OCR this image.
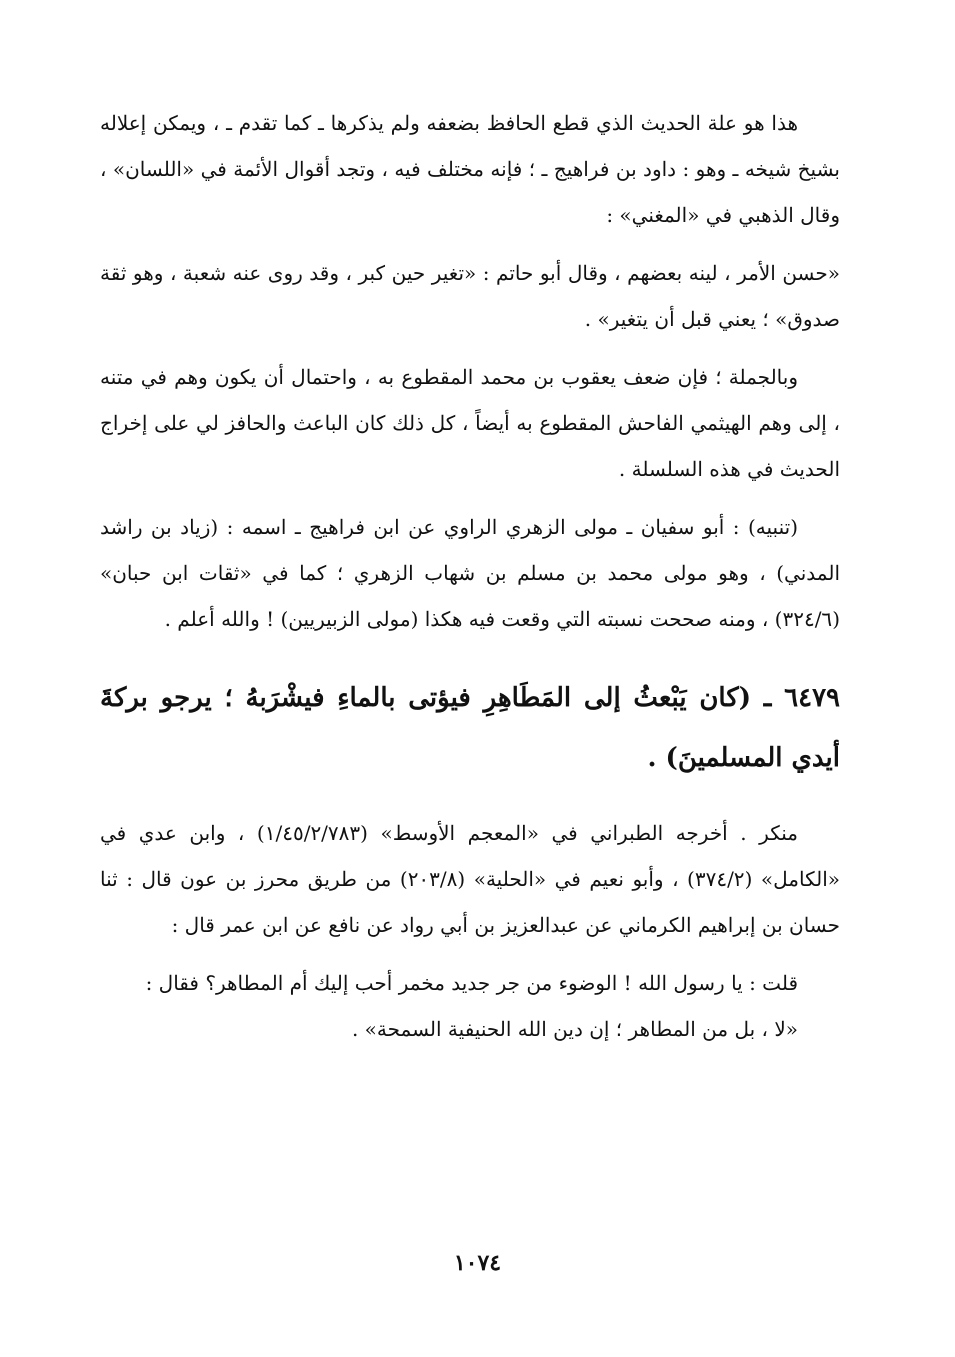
هذا هو علة الحديث الذي قطع الحافظ بضعفه ولم يذكرها ـ كما تقدم ـ ، ويمكن إعلاله بشيخ شيخه ـ وهو : داود بن فراهيج ـ ؛ فإنه مختلف فيه ، وتجد أقوال الأئمة في «اللسان» ، وقال الذهبي في «المغني» :

«حسن الأمر ، لينه بعضهم ، وقال أبو حاتم : «تغير حين كبر ، وقد روى عنه شعبة ، وهو ثقة صدوق» ؛ يعني قبل أن يتغير» .

وبالجملة ؛ فإن ضعف يعقوب بن محمد المقطوع به ، واحتمال أن يكون وهم في متنه ، إلى وهم الهيثمي الفاحش المقطوع به أيضاً ، كل ذلك كان الباعث والحافز لي على إخراج الحديث في هذه السلسلة .

(تنبيه) : أبو سفيان ـ مولى الزهري الراوي عن ابن فراهيج ـ اسمه : (زياد بن راشد المدني) ، وهو مولى محمد بن مسلم بن شهاب الزهري ؛ كما في «ثقات ابن حبان» (٣٢٤/٦) ، ومنه صححت نسبته التي وقعت فيه هكذا (مولى الزبيريين) ! والله أعلم .

٦٤٧٩ ـ (كان يَبْعثُ إلى المَطَاهِرِ فيؤتى بالماءِ فيشْرَبهُ ؛ يرجو بركةَ أيدي المسلمينَ) .

منكر . أخرجه الطبراني في «المعجم الأوسط» (١/٤٥/٢/٧٨٣) ، وابن عدي في «الكامل» (٣٧٤/٢) ، وأبو نعيم في «الحلية» (٢٠٣/٨) من طريق محرز بن عون قال : ثنا حسان بن إبراهيم الكرماني عن عبدالعزيز بن أبي رواد عن نافع عن ابن عمر قال :

قلت : يا رسول الله ! الوضوء من جر جديد مخمر أحب إليك أم المطاهر؟ فقال :

«لا ، بل من المطاهر ؛ إن دين الله الحنيفية السمحة» .

١٠٧٤
